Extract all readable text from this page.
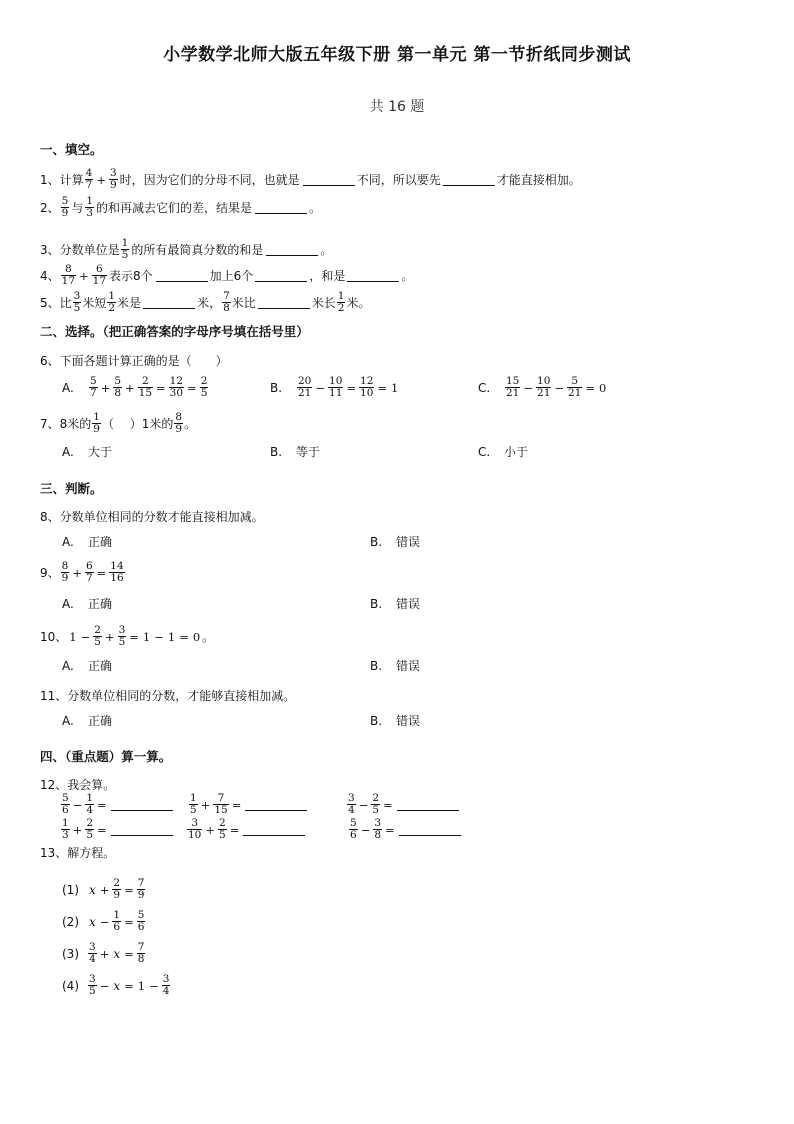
小学数学北师大版五年级下册 第一单元 第一节折纸同步测试
共 16 题
一、填空。
1、 计算 $\frac{4}{7} + \frac{3}{9}$ 时，因为它们的分母不同，也就是	不同，所以要先	才能直接相加。
2、 $\frac{5}{9}$ 与 $\frac{1}{3}$ 的和再减去它们的差，结果是	。
3、 分数单位是 $\frac{1}{5}$ 的所有最简真分数的和是	。
4、 $\frac{8}{17} + \frac{6}{17}$ 表示8个	加上6个	，和是	。
5、 比 $\frac{3}{5}$ 米短 $\frac{1}{2}$ 米是	米， $\frac{7}{8}$ 米比	米长 $\frac{1}{2}$ 米。
二、选择。（把正确答案的字母序号填在括号里）
6、 下面各题计算正确的是（　　）
A.	$\frac{5}{7} + \frac{5}{8} + \frac{2}{15} = \frac{12}{30} = \frac{2}{5}$	B.	$\frac{20}{21} - \frac{10}{11} = \frac{12}{10} = 1$	C.	$\frac{15}{21} - \frac{10}{21} - \frac{5}{21} = 0$
7、 8米的 $\frac{1}{9}$ （　 ）1米的 $\frac{8}{9}$ 。
A.	大于	B.	等于	C.	小于
三、判断。
8、分数单位相同的分数才能直接相加减。
A.	正确	B.	错误
9、 $\frac{8}{9} + \frac{6}{7} = \frac{14}{16}$
A.	正确	B.	错误
10、 $1 - \frac{2}{5} + \frac{3}{5} = 1 - 1 = 0$ 。
A.	正确	B.	错误
11、分数单位相同的分数，才能够直接相加减。
A.	正确	B.	错误
四、（重点题）算一算。
12、我会算。
$\frac{5}{6} - \frac{1}{4}$ =	$\frac{1}{5} + \frac{7}{15}$ =	$\frac{3}{4} - \frac{2}{5}$ =
$\frac{1}{3} + \frac{2}{5}$ =	$\frac{3}{10} + \frac{2}{5}$ =	$\frac{5}{6} - \frac{3}{8}$ =
13、解方程。
(1) $x + \frac{2}{9} = \frac{7}{9}$
(2) $x - \frac{1}{6} = \frac{5}{6}$
$(3) \frac{3}{4} + x = \frac{7}{8}$
$(4) \frac{3}{5} - x = 1 - \frac{3}{4}$
